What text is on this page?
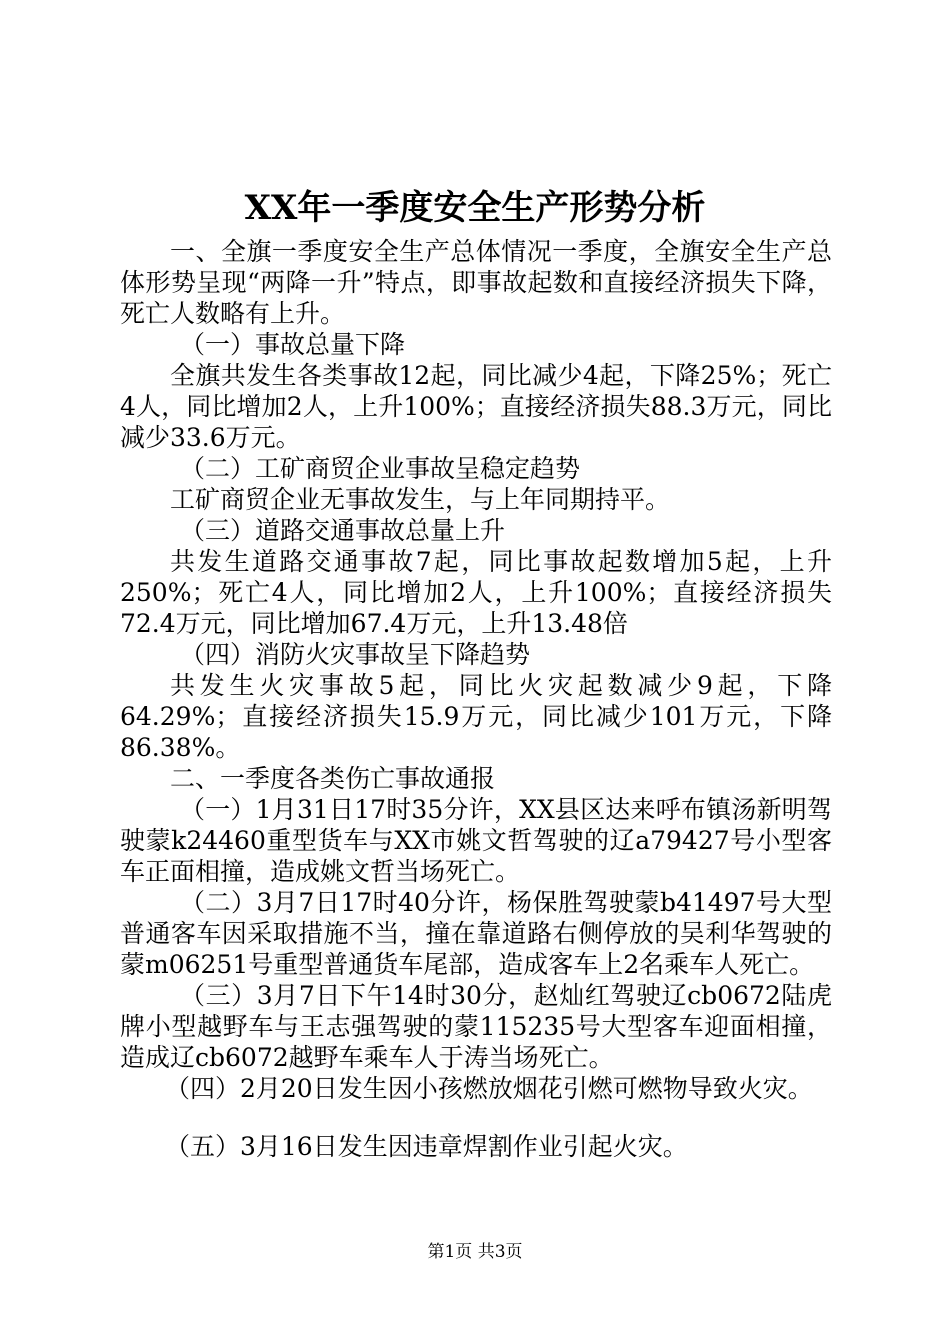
XX年一季度安全生产形势分析

一、全旗一季度安全生产总体情况一季度，全旗安全生产总体形势呈现“两降一升”特点，即事故起数和直接经济损失下降，死亡人数略有上升。

（一）事故总量下降

全旗共发生各类事故12起，同比减少4起，下降25%；死亡4人，同比增加2人，上升100%；直接经济损失88.3万元，同比减少33.6万元。

（二）工矿商贸企业事故呈稳定趋势

工矿商贸企业无事故发生，与上年同期持平。

（三）道路交通事故总量上升

共发生道路交通事故7起，同比事故起数增加5起，上升250%；死亡4人，同比增加2人，上升100%；直接经济损失72.4万元，同比增加67.4万元，上升13.48倍

（四）消防火灾事故呈下降趋势

共发生火灾事故5起，同比火灾起数减少9起，下降64.29%；直接经济损失15.9万元，同比减少101万元，下降86.38%。

二、一季度各类伤亡事故通报

（一）1月31日17时35分许，XX县区达来呼布镇汤新明驾驶蒙k24460重型货车与XX市姚文哲驾驶的辽a79427号小型客车正面相撞，造成姚文哲当场死亡。

（二）3月7日17时40分许，杨保胜驾驶蒙b41497号大型普通客车因采取措施不当，撞在靠道路右侧停放的吴利华驾驶的蒙m06251号重型普通货车尾部，造成客车上2名乘车人死亡。

（三）3月7日下午14时30分，赵灿红驾驶辽cb0672陆虎牌小型越野车与王志强驾驶的蒙115235号大型客车迎面相撞，造成辽cb6072越野车乘车人于涛当场死亡。

（四）2月20日发生因小孩燃放烟花引燃可燃物导致火灾。

（五）3月16日发生因违章焊割作业引起火灾。

第1页 共3页
